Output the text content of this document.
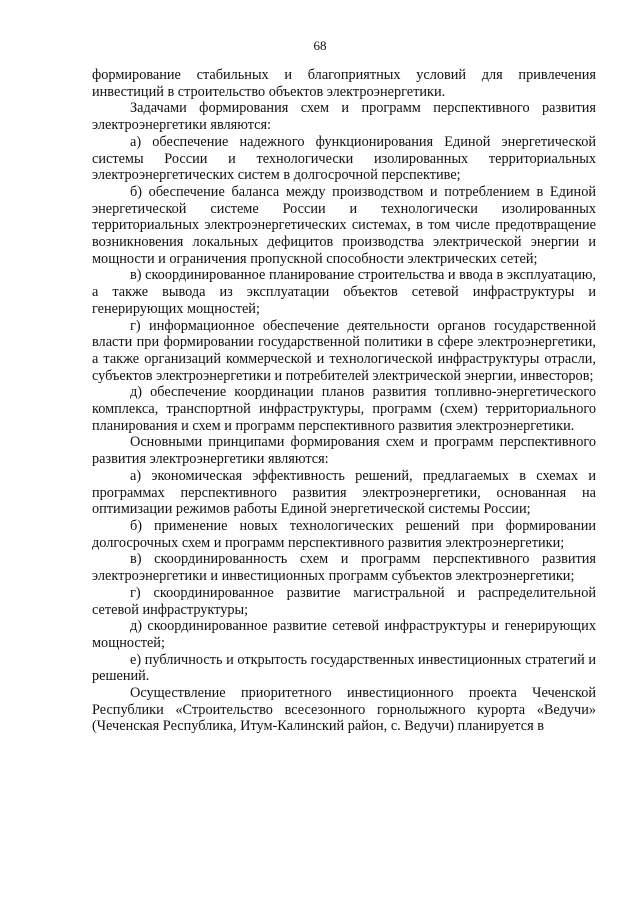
68

формирование стабильных и благоприятных условий для привлечения инвестиций в строительство объектов электроэнергетики.

Задачами формирования схем и программ перспективного развития электроэнергетики являются:

а) обеспечение надежного функционирования Единой энергетической системы России и технологически изолированных территориальных электроэнергетических систем в долгосрочной перспективе;

б) обеспечение баланса между производством и потреблением в Единой энергетической системе России и технологически изолированных территориальных электроэнергетических системах, в том числе предотвращение возникновения локальных дефицитов производства электрической энергии и мощности и ограничения пропускной способности электрических сетей;

в) скоординированное планирование строительства и ввода в эксплуатацию, а также вывода из эксплуатации объектов сетевой инфраструктуры и генерирующих мощностей;

г) информационное обеспечение деятельности органов государственной власти при формировании государственной политики в сфере электроэнергетики, а также организаций коммерческой и технологической инфраструктуры отрасли, субъектов электроэнергетики и потребителей электрической энергии, инвесторов;

д) обеспечение координации планов развития топливно-энергетического комплекса, транспортной инфраструктуры, программ (схем) территориального планирования и схем и программ перспективного развития электроэнергетики.

Основными принципами формирования схем и программ перспективного развития электроэнергетики являются:

а) экономическая эффективность решений, предлагаемых в схемах и программах перспективного развития электроэнергетики, основанная на оптимизации режимов работы Единой энергетической системы России;

б) применение новых технологических решений при формировании долгосрочных схем и программ перспективного развития электроэнергетики;

в) скоординированность схем и программ перспективного развития электроэнергетики и инвестиционных программ субъектов электроэнергетики;

г) скоординированное развитие магистральной и распределительной сетевой инфраструктуры;

д) скоординированное развитие сетевой инфраструктуры и генерирующих мощностей;

е) публичность и открытость государственных инвестиционных стратегий и решений.

Осуществление приоритетного инвестиционного проекта Чеченской Республики «Строительство всесезонного горнолыжного курорта «Ведучи» (Чеченская Республика, Итум-Калинский район, с. Ведучи) планируется в
